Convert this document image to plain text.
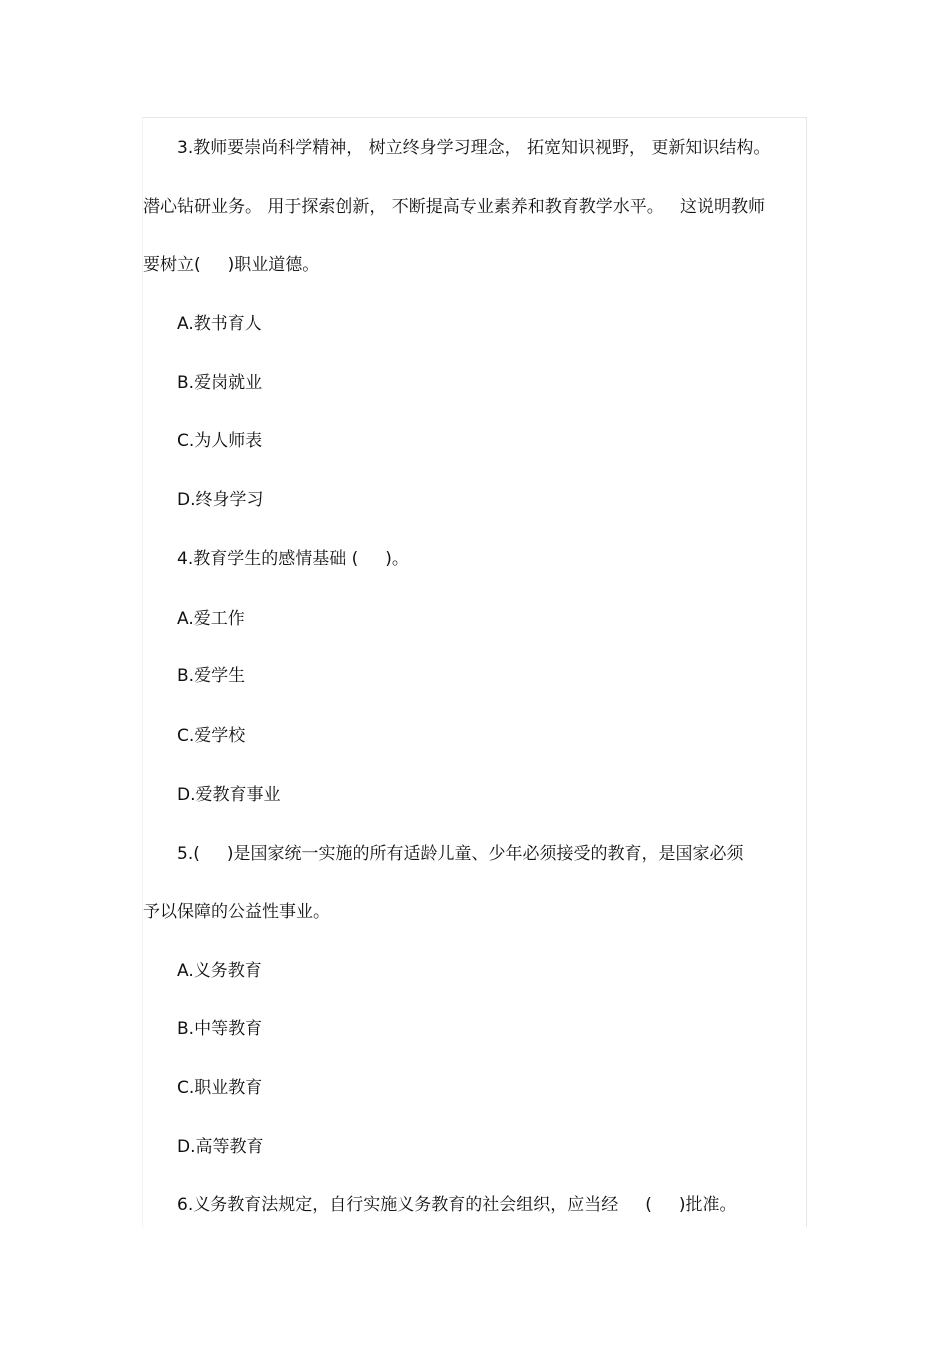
3.教师要崇尚科学精神， 树立终身学习理念， 拓宽知识视野， 更新知识结构。

潜心钻研业务。 用于探索创新， 不断提高专业素养和教育教学水平。   这说明教师

要树立(     )职业道德。

A.教书育人

B.爱岗就业

C.为人师表

D.终身学习

4.教育学生的感情基础 (     )。

A.爱工作

B.爱学生

C.爱学校

D.爱教育事业

5.(     )是国家统一实施的所有适龄儿童、少年必须接受的教育，是国家必须

予以保障的公益性事业。

A.义务教育

B.中等教育

C.职业教育

D.高等教育

6.义务教育法规定，自行实施义务教育的社会组织，应当经     (     )批准。
